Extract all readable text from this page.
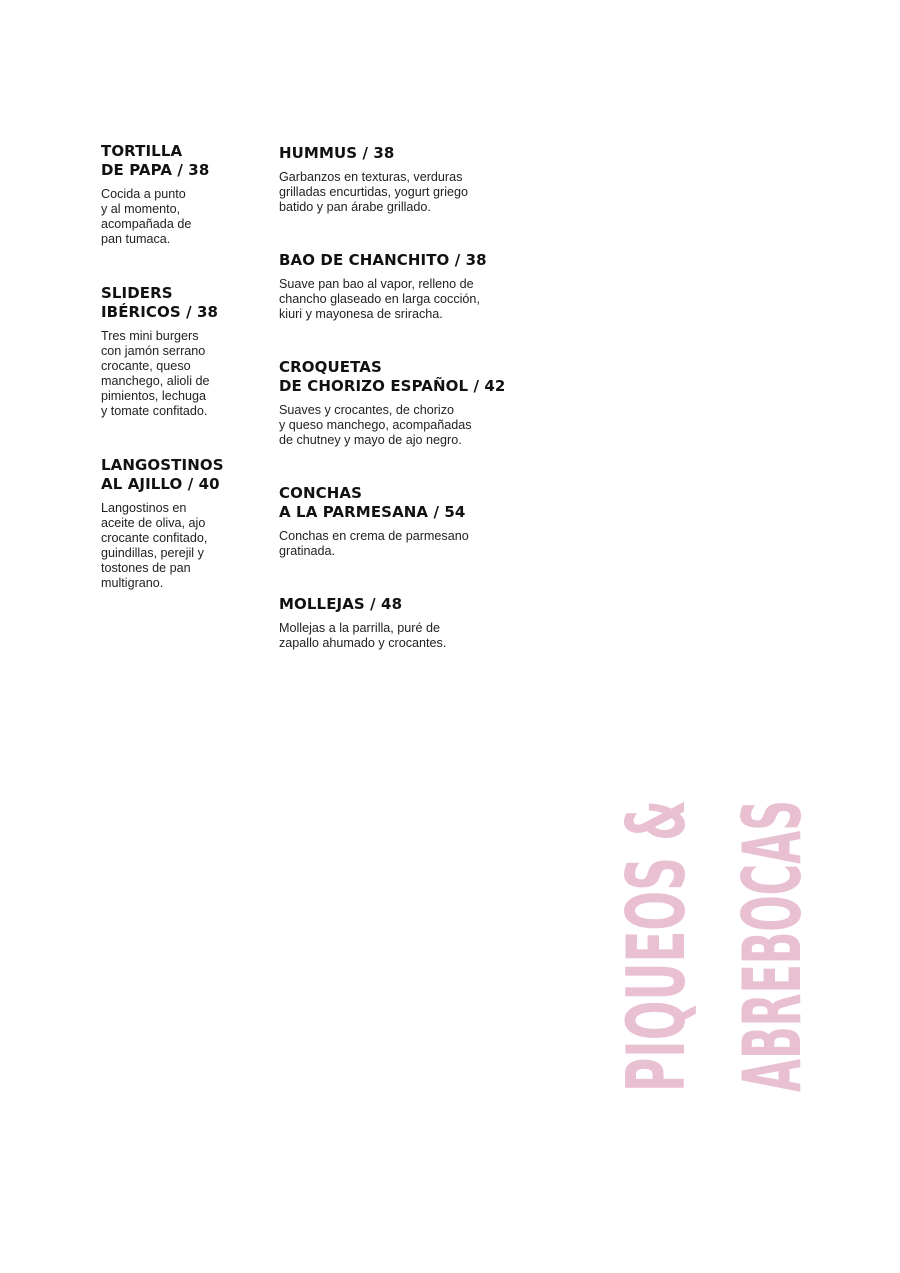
TORTILLA
DE PAPA / 38

Cocida a punto
y al momento,
acompañada de
pan tumaca.

SLIDERS
IBÉRICOS / 38

Tres mini burgers
con jamón serrano
crocante, queso
manchego, alioli de
pimientos, lechuga
y tomate confitado.

LANGOSTINOS
AL AJILLO / 40

Langostinos en
aceite de oliva, ajo
crocante confitado,
guindillas, perejil y
tostones de pan
multigrano.

HUMMUS / 38

Garbanzos en texturas, verduras
grilladas encurtidas, yogurt griego
batido y pan árabe grillado.

BAO DE CHANCHITO / 38

Suave pan bao al vapor, relleno de
chancho glaseado en larga cocción,
kiuri y mayonesa de sriracha.

CROQUETAS
DE CHORIZO ESPAÑOL / 42

Suaves y crocantes, de chorizo
y queso manchego, acompañadas
de chutney y mayo de ajo negro.

CONCHAS
A LA PARMESANA / 54

Conchas en crema de parmesano
gratinada.

MOLLEJAS / 48

Mollejas a la parrilla, puré de
zapallo ahumado y crocantes.	PIQUEOS & ABREBOCAS
